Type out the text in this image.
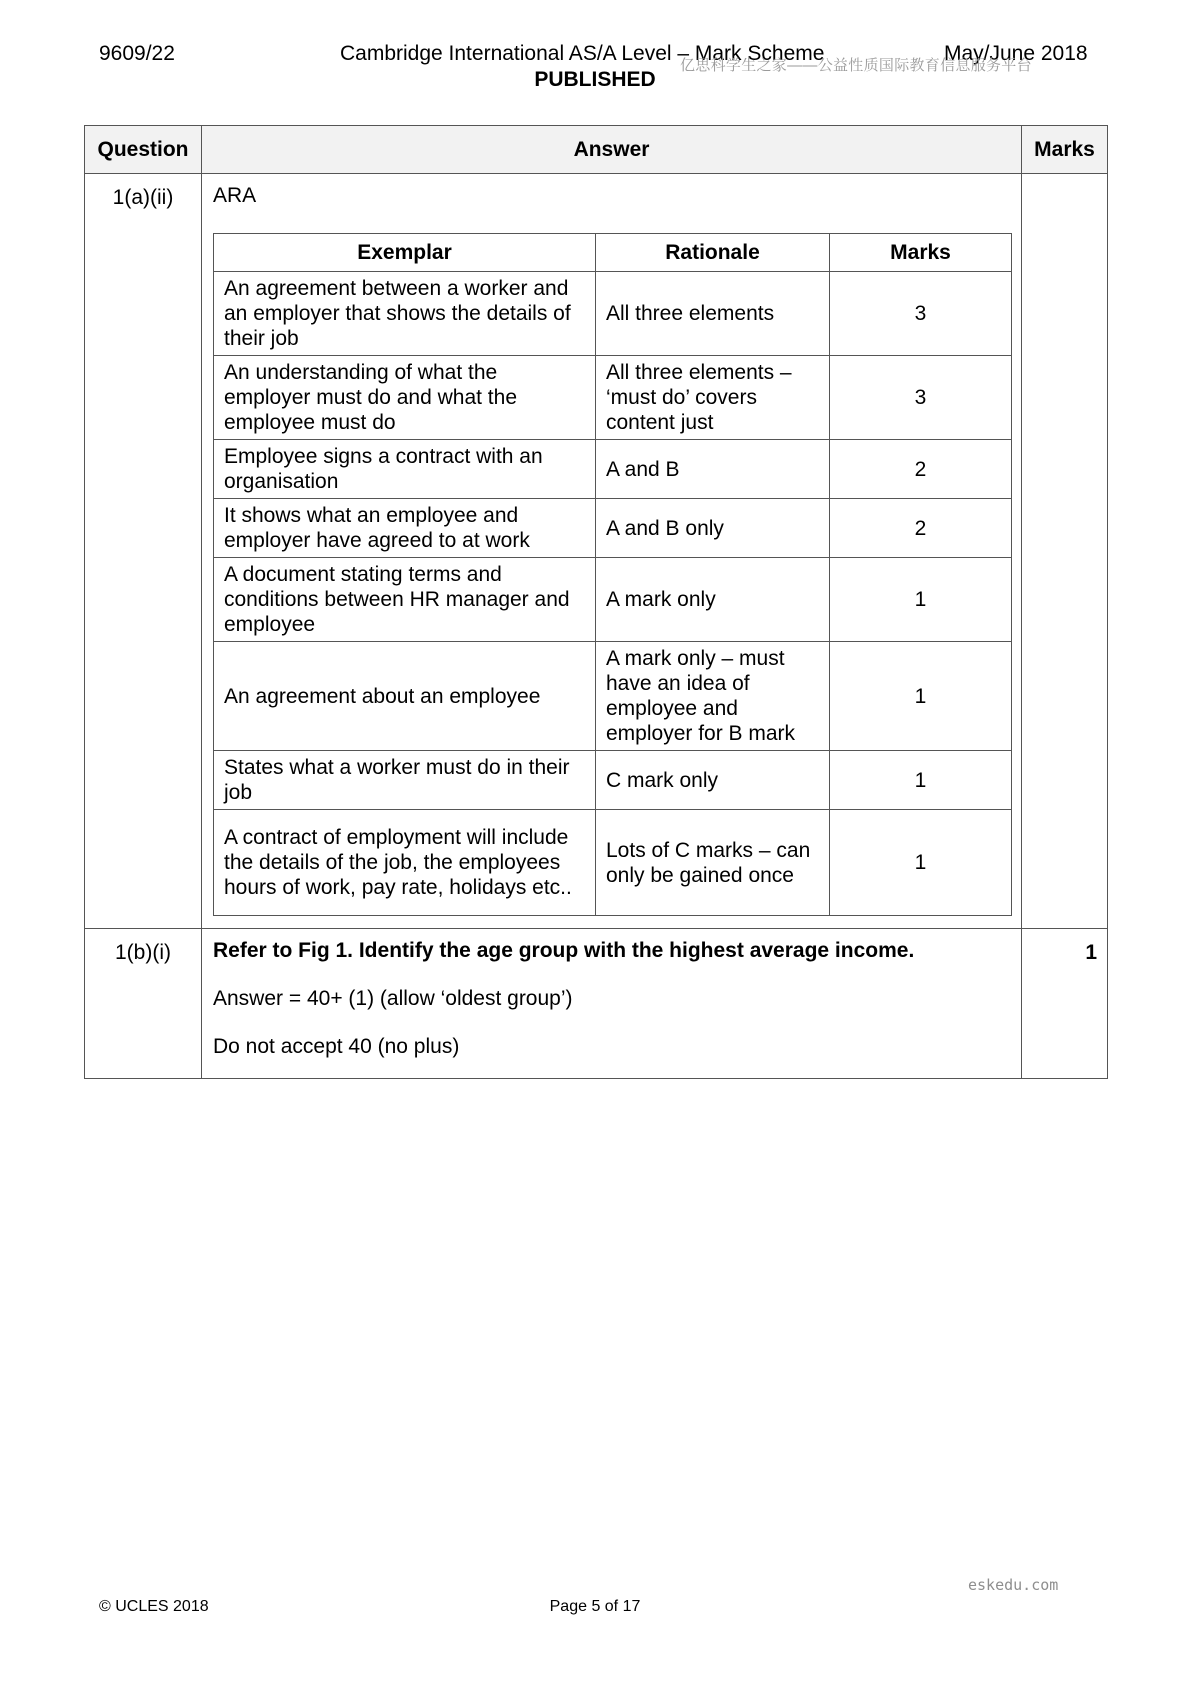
9609/22	Cambridge International AS/A Level – Mark Scheme	May/June 2018
PUBLISHED
亿思科学生之家——公益性质国际教育信息服务平台
Question	Answer	Marks
1(a)(ii)	ARA
Exemplar	Rationale	Marks
An agreement between a worker and an employer that shows the details of their job	All three elements	3
An understanding of what the employer must do and what the employee must do	All three elements – ‘must do’ covers content just	3
Employee signs a contract with an organisation	A and B	2
It shows what an employee and employer have agreed to at work	A and B only	2
A document stating terms and conditions between HR manager and employee	A mark only	1
An agreement about an employee	A mark only – must have an idea of employee and employer for B mark	1
States what a worker must do in their job	C mark only	1
A contract of employment will include the details of the job, the employees hours of work, pay rate, holidays etc..	Lots of C marks – can only be gained once	1

1(b)(i)	Refer to Fig 1. Identify the age group with the highest average income.

Answer = 40+ (1) (allow ‘oldest group’)

Do not accept 40 (no plus)

	1
eskedu.com
© UCLES 2018	Page 5 of 17
